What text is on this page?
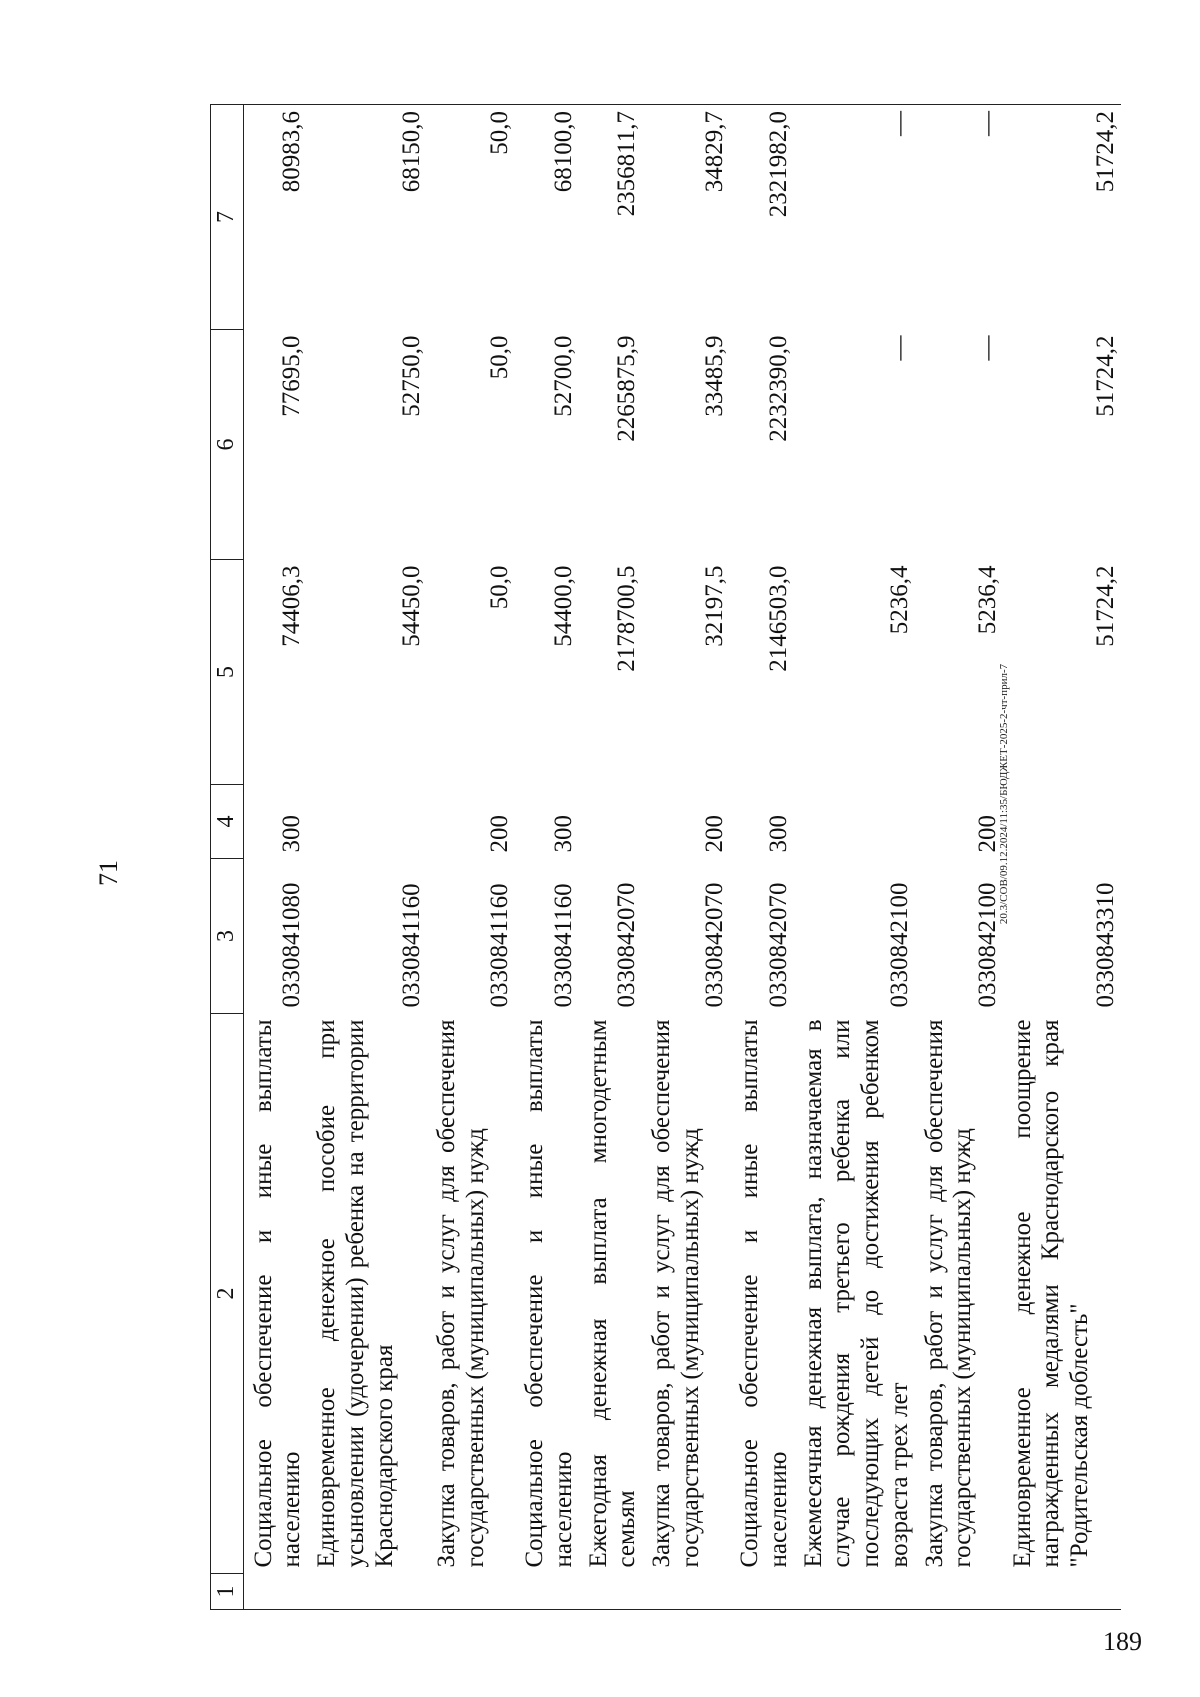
71	20.3/СОВ/09.12.2024/11:35/БЮДЖЕТ-2025-2-чт-прил-7
189
1	2	3	4	5	6	7
	Социальное обеспечение и иные выплаты населению	0330841080	300	74406,3	77695,0	80983,6
	Единовременное денежное пособие при усыновлении (удочерении) ребенка на территории Краснодарского края	0330841160		54450,0	52750,0	68150,0
	Закупка товаров, работ и услуг для обеспечения государственных (муниципальных) нужд	0330841160	200	50,0	50,0	50,0
	Социальное обеспечение и иные выплаты населению	0330841160	300	54400,0	52700,0	68100,0
	Ежегодная денежная выплата многодетным семьям	0330842070		2178700,5	2265875,9	2356811,7
	Закупка товаров, работ и услуг для обеспечения государственных (муниципальных) нужд	0330842070	200	32197,5	33485,9	34829,7
	Социальное обеспечение и иные выплаты населению	0330842070	300	2146503,0	2232390,0	2321982,0
	Ежемесячная денежная выплата, назначаемая в случае рождения третьего ребенка или последующих детей до достижения ребенком возраста трех лет	0330842100		5236,4	—	—
	Закупка товаров, работ и услуг для обеспечения государственных (муниципальных) нужд	0330842100	200	5236,4	—	—
	Единовременное денежное поощрение награжденных медалями Краснодарского края "Родительская доблесть"	0330843310		51724,2	51724,2	51724,2
